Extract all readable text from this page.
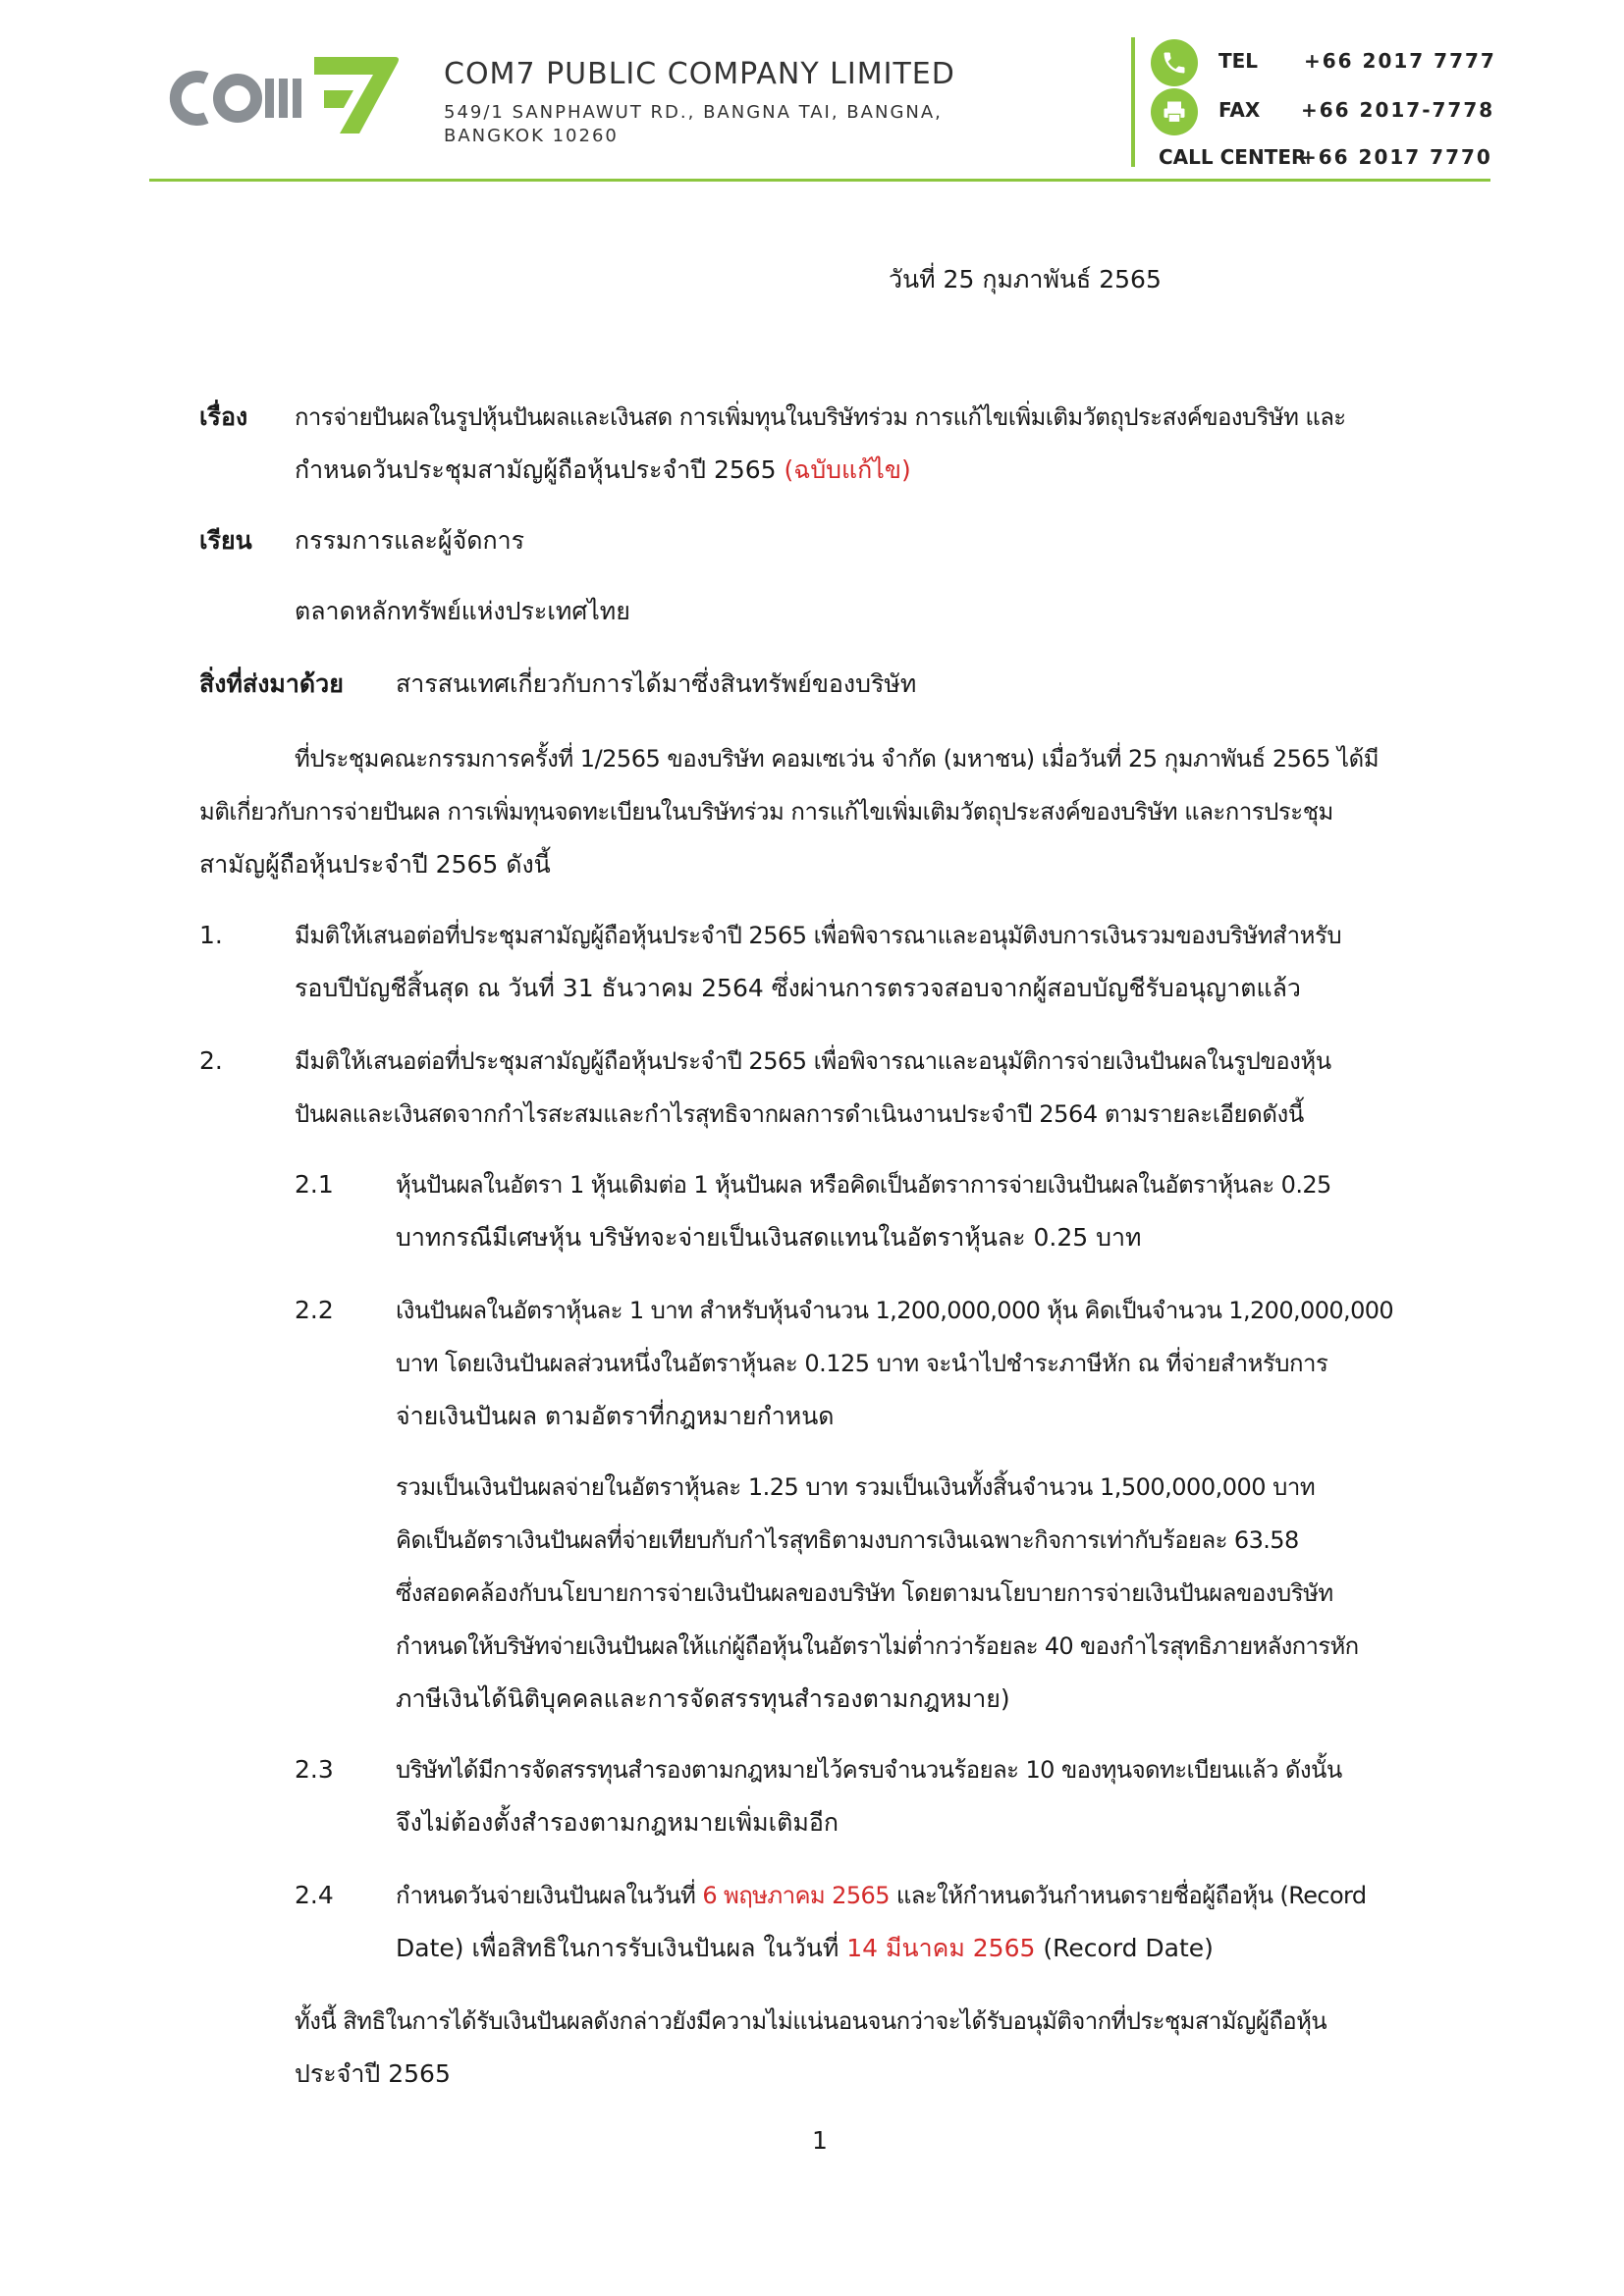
COM7 PUBLIC COMPANY LIMITED
549/1 SANPHAWUT RD., BANGNA TAI, BANGNA,
BANGKOK 10260
TEL +66 2017 7777
FAX +66 2017-7778
CALL CENTER
+66 2017 7770
วันที่ 25 กุมภาพันธ์ 2565
เรื่อง การจ่ายปันผลในรูปหุ้นปันผลและเงินสด การเพิ่มทุนในบริษัทร่วม การแก้ไขเพิ่มเติมวัตถุประสงค์ของบริษัท และ
กำหนดวันประชุมสามัญผู้ถือหุ้นประจำปี 2565 (ฉบับแก้ไข)
เรียน กรรมการและผู้จัดการ
ตลาดหลักทรัพย์แห่งประเทศไทย
สิ่งที่ส่งมาด้วย สารสนเทศเกี่ยวกับการได้มาซึ่งสินทรัพย์ของบริษัท
ที่ประชุมคณะกรรมการครั้งที่ 1/2565 ของบริษัท คอมเซเว่น จำกัด (มหาชน) เมื่อวันที่ 25 กุมภาพันธ์ 2565 ได้มี
มติเกี่ยวกับการจ่ายปันผล การเพิ่มทุนจดทะเบียนในบริษัทร่วม การแก้ไขเพิ่มเติมวัตถุประสงค์ของบริษัท และการประชุม
สามัญผู้ถือหุ้นประจำปี 2565 ดังนี้
1.	มีมติให้เสนอต่อที่ประชุมสามัญผู้ถือหุ้นประจำปี 2565 เพื่อพิจารณาและอนุมัติงบการเงินรวมของบริษัทสำหรับ
รอบปีบัญชีสิ้นสุด ณ วันที่ 31 ธันวาคม 2564 ซึ่งผ่านการตรวจสอบจากผู้สอบบัญชีรับอนุญาตแล้ว
2.	มีมติให้เสนอต่อที่ประชุมสามัญผู้ถือหุ้นประจำปี 2565 เพื่อพิจารณาและอนุมัติการจ่ายเงินปันผลในรูปของหุ้น
ปันผลและเงินสดจากกำไรสะสมและกำไรสุทธิจากผลการดำเนินงานประจำปี 2564 ตามรายละเอียดดังนี้
2.1	หุ้นปันผลในอัตรา 1 หุ้นเดิมต่อ 1 หุ้นปันผล หรือคิดเป็นอัตราการจ่ายเงินปันผลในอัตราหุ้นละ 0.25
บาทกรณีมีเศษหุ้น บริษัทจะจ่ายเป็นเงินสดแทนในอัตราหุ้นละ 0.25 บาท
2.2	เงินปันผลในอัตราหุ้นละ 1 บาท สำหรับหุ้นจำนวน 1,200,000,000 หุ้น คิดเป็นจำนวน 1,200,000,000
บาท โดยเงินปันผลส่วนหนึ่งในอัตราหุ้นละ 0.125 บาท จะนำไปชำระภาษีหัก ณ ที่จ่ายสำหรับการ
จ่ายเงินปันผล ตามอัตราที่กฎหมายกำหนด
รวมเป็นเงินปันผลจ่ายในอัตราหุ้นละ 1.25 บาท รวมเป็นเงินทั้งสิ้นจำนวน 1,500,000,000 บาท
คิดเป็นอัตราเงินปันผลที่จ่ายเทียบกับกำไรสุทธิตามงบการเงินเฉพาะกิจการเท่ากับร้อยละ 63.58
ซึ่งสอดคล้องกับนโยบายการจ่ายเงินปันผลของบริษัท โดยตามนโยบายการจ่ายเงินปันผลของบริษัท
กำหนดให้บริษัทจ่ายเงินปันผลให้แก่ผู้ถือหุ้นในอัตราไม่ต่ำกว่าร้อยละ 40 ของกำไรสุทธิภายหลังการหัก
ภาษีเงินได้นิติบุคคลและการจัดสรรทุนสำรองตามกฎหมาย)
2.3	บริษัทได้มีการจัดสรรทุนสำรองตามกฎหมายไว้ครบจำนวนร้อยละ 10 ของทุนจดทะเบียนแล้ว ดังนั้น
จึงไม่ต้องตั้งสำรองตามกฎหมายเพิ่มเติมอีก
2.4	กำหนดวันจ่ายเงินปันผลในวันที่ 6 พฤษภาคม 2565 และให้กำหนดวันกำหนดรายชื่อผู้ถือหุ้น (Record
Date) เพื่อสิทธิในการรับเงินปันผล ในวันที่ 14 มีนาคม 2565 (Record Date)
ทั้งนี้ สิทธิในการได้รับเงินปันผลดังกล่าวยังมีความไม่แน่นอนจนกว่าจะได้รับอนุมัติจากที่ประชุมสามัญผู้ถือหุ้น
ประจำปี 2565
1
